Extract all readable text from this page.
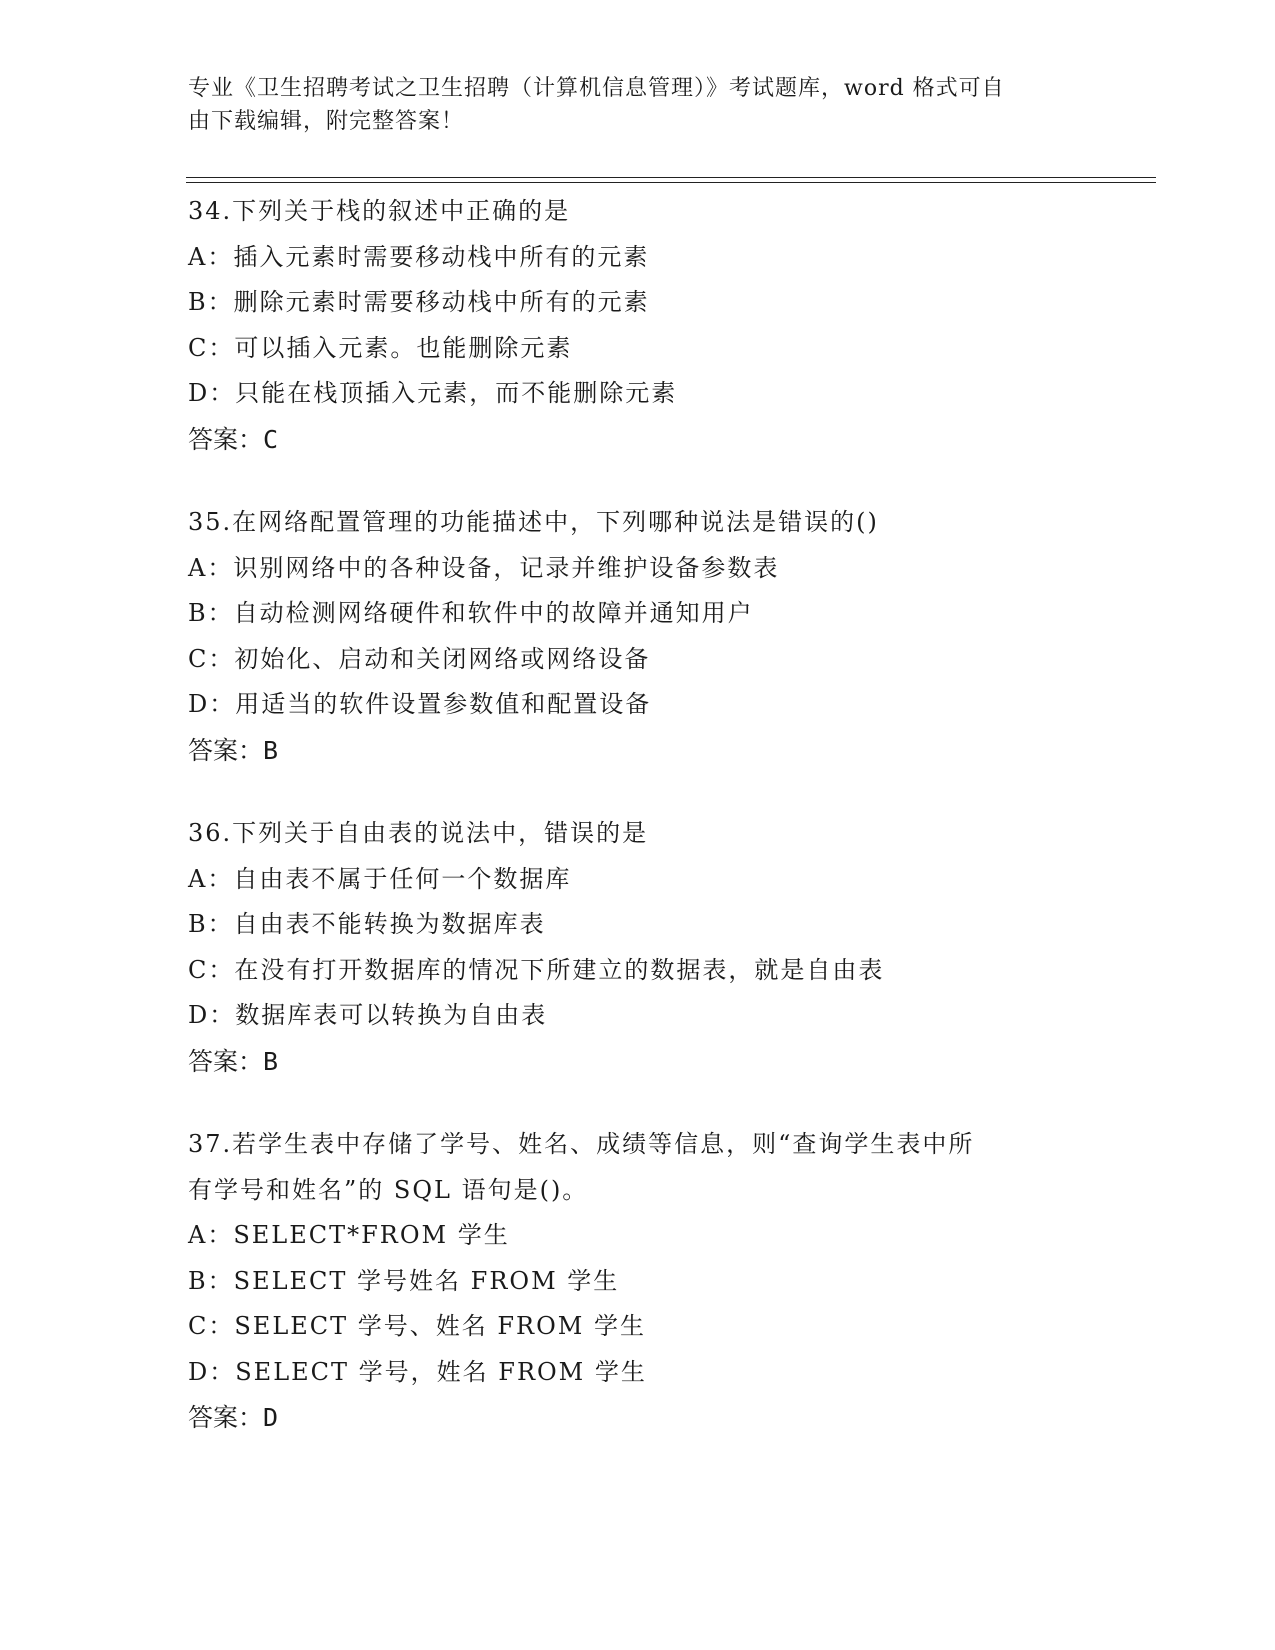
专业《卫生招聘考试之卫生招聘（计算机信息管理）》考试题库，word 格式可自
由下载编辑，附完整答案！
34.下列关于栈的叙述中正确的是
A：插入元素时需要移动栈中所有的元素
B：删除元素时需要移动栈中所有的元素
C：可以插入元素。也能删除元素
D：只能在栈顶插入元素，而不能删除元素
答案：C
35.在网络配置管理的功能描述中，下列哪种说法是错误的()
A：识别网络中的各种设备，记录并维护设备参数表
B：自动检测网络硬件和软件中的故障并通知用户
C：初始化、启动和关闭网络或网络设备
D：用适当的软件设置参数值和配置设备
答案：B
36.下列关于自由表的说法中，错误的是
A：自由表不属于任何一个数据库
B：自由表不能转换为数据库表
C：在没有打开数据库的情况下所建立的数据表，就是自由表
D：数据库表可以转换为自由表
答案：B
37.若学生表中存储了学号、姓名、成绩等信息，则“查询学生表中所
有学号和姓名”的 SQL 语句是()。
A：SELECT*FROM 学生
B：SELECT 学号姓名 FROM 学生
C：SELECT 学号、姓名 FROM 学生
D：SELECT 学号，姓名 FROM 学生
答案：D
